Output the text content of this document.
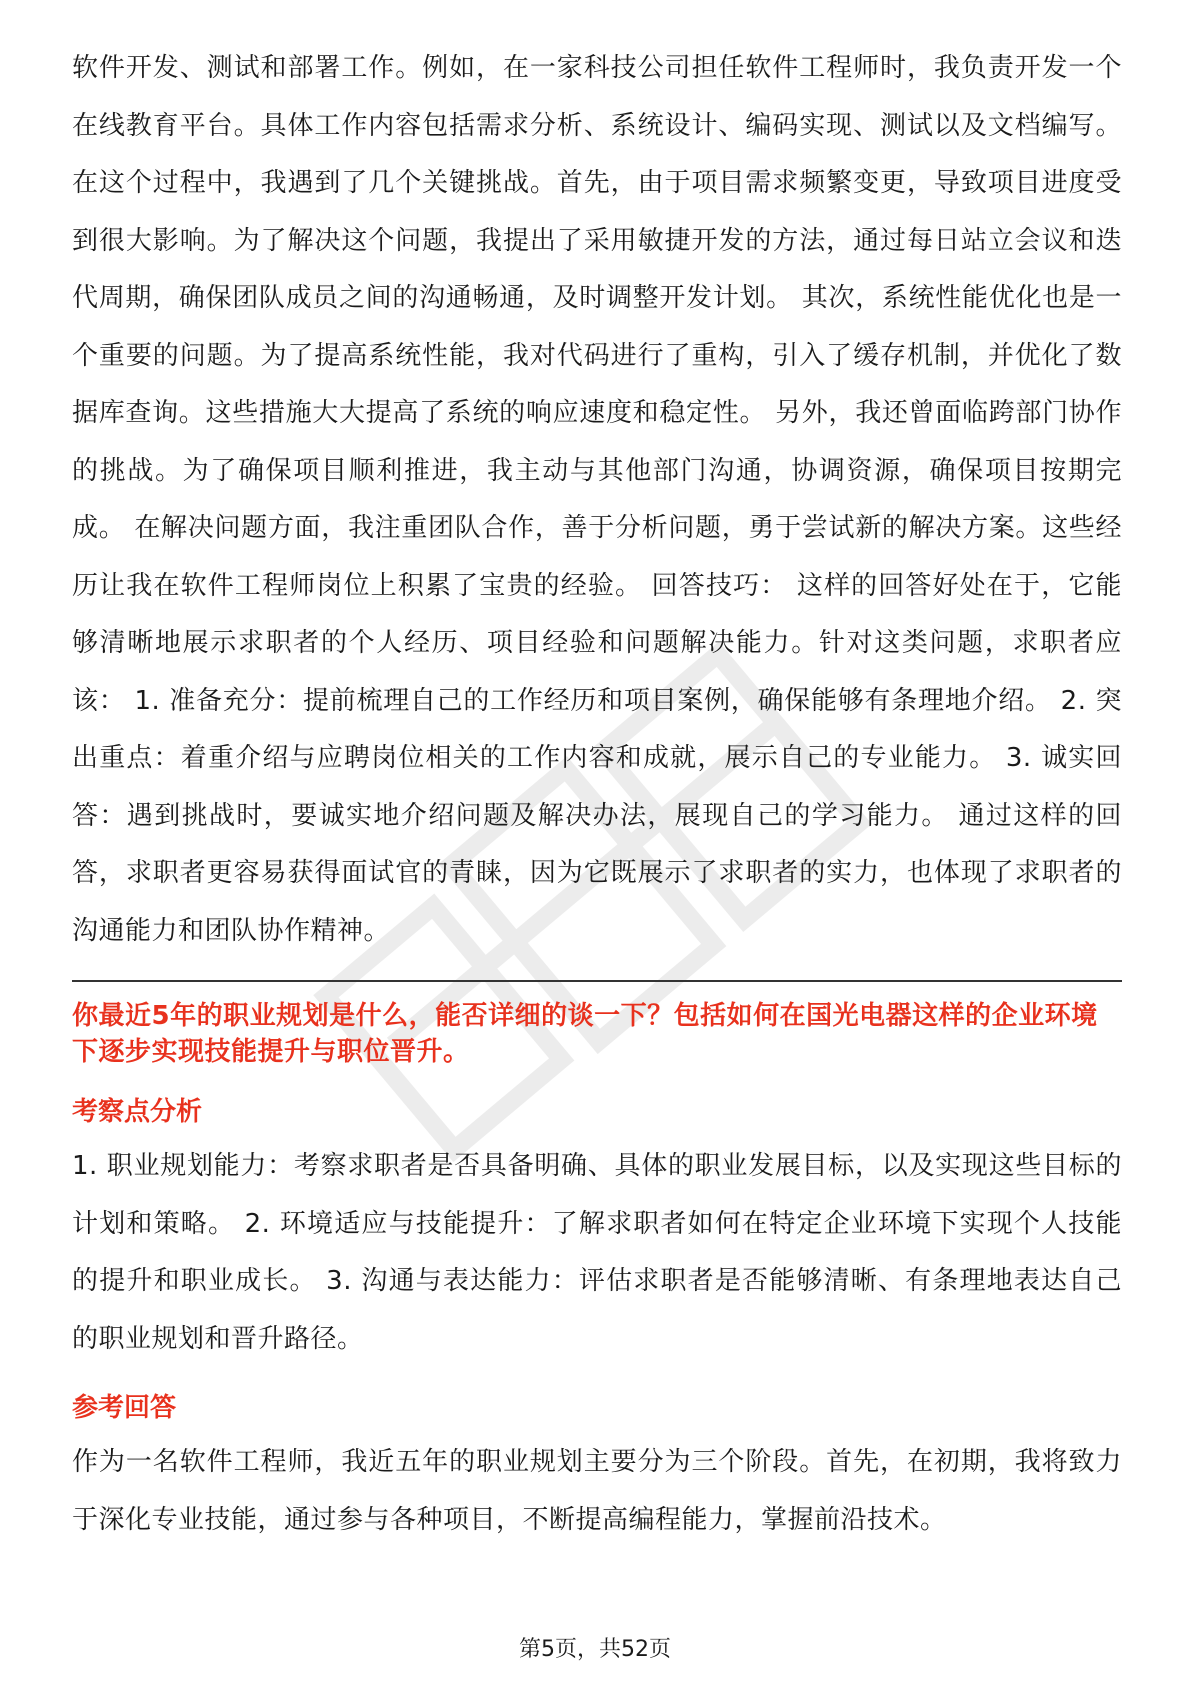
软件开发、测试和部署工作。例如，在一家科技公司担任软件工程师时，我负责开发一个在线教育平台。具体工作内容包括需求分析、系统设计、编码实现、测试以及文档编写。 在这个过程中，我遇到了几个关键挑战。首先，由于项目需求频繁变更，导致项目进度受到很大影响。为了解决这个问题，我提出了采用敏捷开发的方法，通过每日站立会议和迭代周期，确保团队成员之间的沟通畅通，及时调整开发计划。 其次，系统性能优化也是一个重要的问题。为了提高系统性能，我对代码进行了重构，引入了缓存机制，并优化了数据库查询。这些措施大大提高了系统的响应速度和稳定性。 另外，我还曾面临跨部门协作的挑战。为了确保项目顺利推进，我主动与其他部门沟通，协调资源，确保项目按期完成。 在解决问题方面，我注重团队合作，善于分析问题，勇于尝试新的解决方案。这些经历让我在软件工程师岗位上积累了宝贵的经验。 回答技巧： 这样的回答好处在于，它能够清晰地展示求职者的个人经历、项目经验和问题解决能力。针对这类问题，求职者应该： 1. 准备充分：提前梳理自己的工作经历和项目案例，确保能够有条理地介绍。 2. 突出重点：着重介绍与应聘岗位相关的工作内容和成就，展示自己的专业能力。 3. 诚实回答：遇到挑战时，要诚实地介绍问题及解决办法，展现自己的学习能力。 通过这样的回答，求职者更容易获得面试官的青睐，因为它既展示了求职者的实力，也体现了求职者的沟通能力和团队协作精神。

你最近5年的职业规划是什么，能否详细的谈一下？包括如何在国光电器这样的企业环境下逐步实现技能提升与职位晋升。

考察点分析

1. 职业规划能力：考察求职者是否具备明确、具体的职业发展目标，以及实现这些目标的计划和策略。 2. 环境适应与技能提升：了解求职者如何在特定企业环境下实现个人技能的提升和职业成长。 3. 沟通与表达能力：评估求职者是否能够清晰、有条理地表达自己的职业规划和晋升路径。

参考回答

作为一名软件工程师，我近五年的职业规划主要分为三个阶段。首先，在初期，我将致力于深化专业技能，通过参与各种项目，不断提高编程能力，掌握前沿技术。

第5页，共52页
